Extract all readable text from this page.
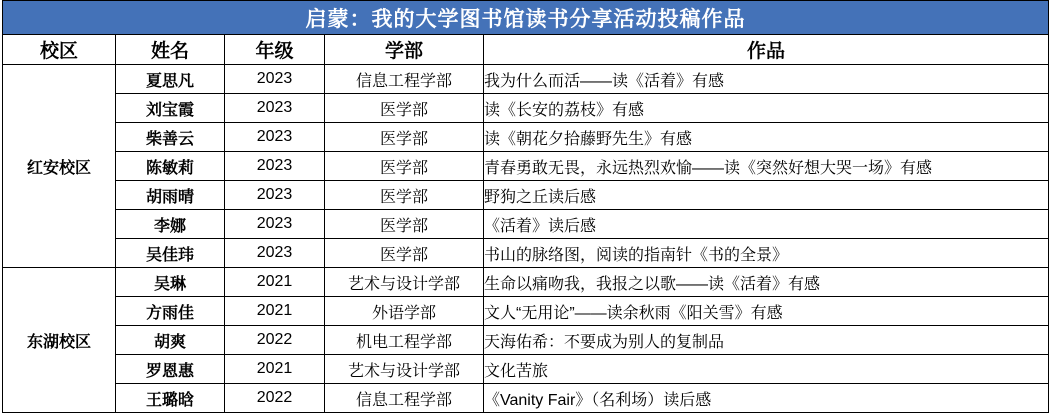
启蒙：我的大学图书馆读书分享活动投稿作品				
校区	姓名	年级	学部	作品
红安校区	夏思凡	2023	信息工程学部	我为什么而活——读《活着》有感
	刘宝霞	2023	医学部	读《长安的荔枝》有感
	柴善云	2023	医学部	读《朝花夕拾藤野先生》有感
	陈敏莉	2023	医学部	青春勇敢无畏，永远热烈欢愉——读《突然好想大哭一场》有感
	胡雨晴	2023	医学部	野狗之丘读后感
	李娜	2023	医学部	《活着》读后感
	吴佳玮	2023	医学部	书山的脉络图，阅读的指南针《书的全景》
东湖校区	吴琳	2021	艺术与设计学部	生命以痛吻我，我报之以歌——读《活着》有感
	方雨佳	2021	外语学部	文人“无用论”——读余秋雨《阳关雪》有感
	胡爽	2022	机电工程学部	天海佑希：不要成为别人的复制品
	罗恩惠	2021	艺术与设计学部	文化苦旅
	王璐晗	2022	信息工程学部	《Vanity Fair》（名利场）读后感
